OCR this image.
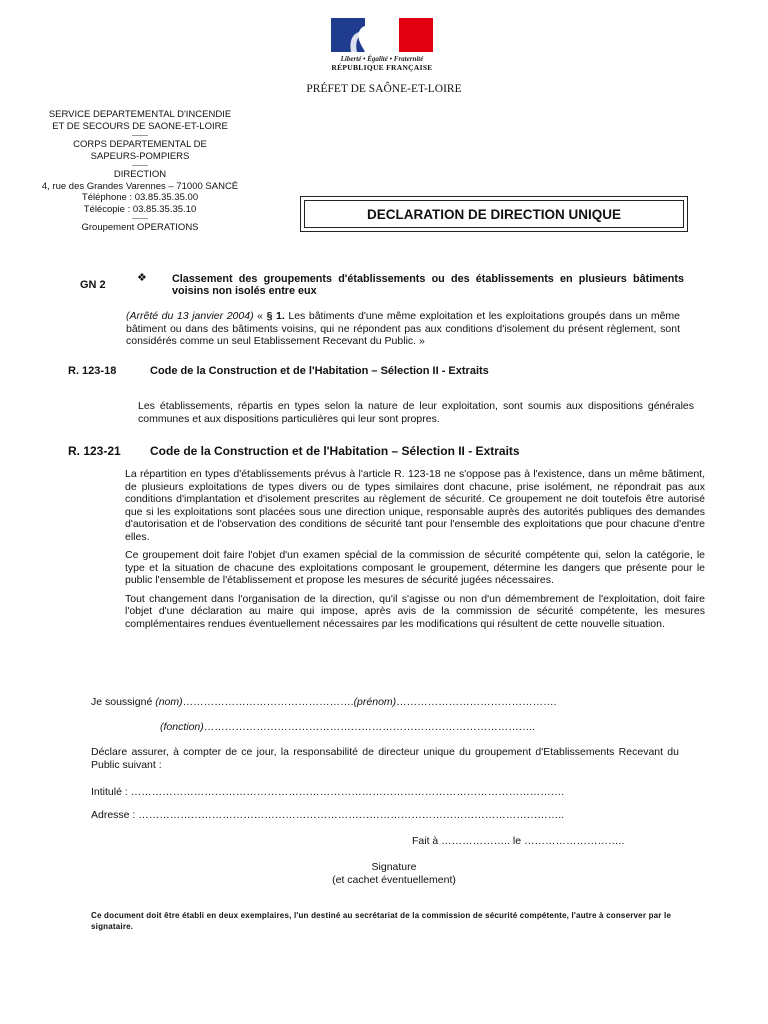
Liberté • Égalité • Fraternité
RÉPUBLIQUE FRANÇAISE
PRÉFET DE SAÔNE-ET-LOIRE
SERVICE DEPARTEMENTAL D'INCENDIE
ET DE SECOURS DE SAONE-ET-LOIRE
CORPS DEPARTEMENTAL DE
SAPEURS-POMPIERS
DIRECTION
4, rue des Grandes Varennes – 71000 SANCÉ
Téléphone : 03.85.35.35.00
Télécopie : 03.85.35.35.10
Groupement OPERATIONS
DECLARATION DE DIRECTION UNIQUE
GN 2
❖ Classement des groupements d'établissements ou des établissements en plusieurs bâtiments voisins non isolés entre eux
(Arrêté du 13 janvier 2004) « § 1. Les bâtiments d'une même exploitation et les exploitations groupés dans un même bâtiment ou dans des bâtiments voisins, qui ne répondent pas aux conditions d'isolement du présent règlement, sont considérés comme un seul Etablissement Recevant du Public. »
R. 123-18	Code de la Construction et de l'Habitation – Sélection II - Extraits
Les établissements, répartis en types selon la nature de leur exploitation, sont soumis aux dispositions générales communes et aux dispositions particulières qui leur sont propres.
R. 123-21 Code de la Construction et de l'Habitation – Sélection II - Extraits
La répartition en types d'établissements prévus à l'article R. 123-18 ne s'oppose pas à l'existence, dans un même bâtiment, de plusieurs exploitations de types divers ou de types similaires dont chacune, prise isolément, ne répondrait pas aux conditions d'implantation et d'isolement prescrites au règlement de sécurité. Ce groupement ne doit toutefois être autorisé que si les exploitations sont placées sous une direction unique, responsable auprès des autorités publiques des demandes d'autorisation et de l'observation des conditions de sécurité tant pour l'ensemble des exploitations que pour chacune d'entre elles.
Ce groupement doit faire l'objet d'un examen spécial de la commission de sécurité compétente qui, selon la catégorie, le type et la situation de chacune des exploitations composant le groupement, détermine les dangers que présente pour le public l'ensemble de l'établissement et propose les mesures de sécurité jugées nécessaires.
Tout changement dans l'organisation de la direction, qu'il s'agisse ou non d'un démembrement de l'exploitation, doit faire l'objet d'une déclaration au maire qui impose, après avis de la commission de sécurité compétente, les mesures complémentaires rendues éventuellement nécessaires par les modifications qui résultent de cette nouvelle situation.
Je soussigné (nom)………………………………………….(prénom)……………………………………….
(fonction)…………………………………………………………………………………..
Déclare assurer, à compter de ce jour, la responsabilité de directeur unique du groupement d'Etablissements Recevant du Public suivant :
Intitulé : …………………………………………………………………………………………………………….
Adresse : …………………………………………………………………………………………………………..
Fait à ……………….. le ………………………..
Signature
(et cachet éventuellement)
Ce document doit être établi en deux exemplaires, l'un destiné au secrétariat de la commission de sécurité compétente, l'autre à conserver par le signataire.
